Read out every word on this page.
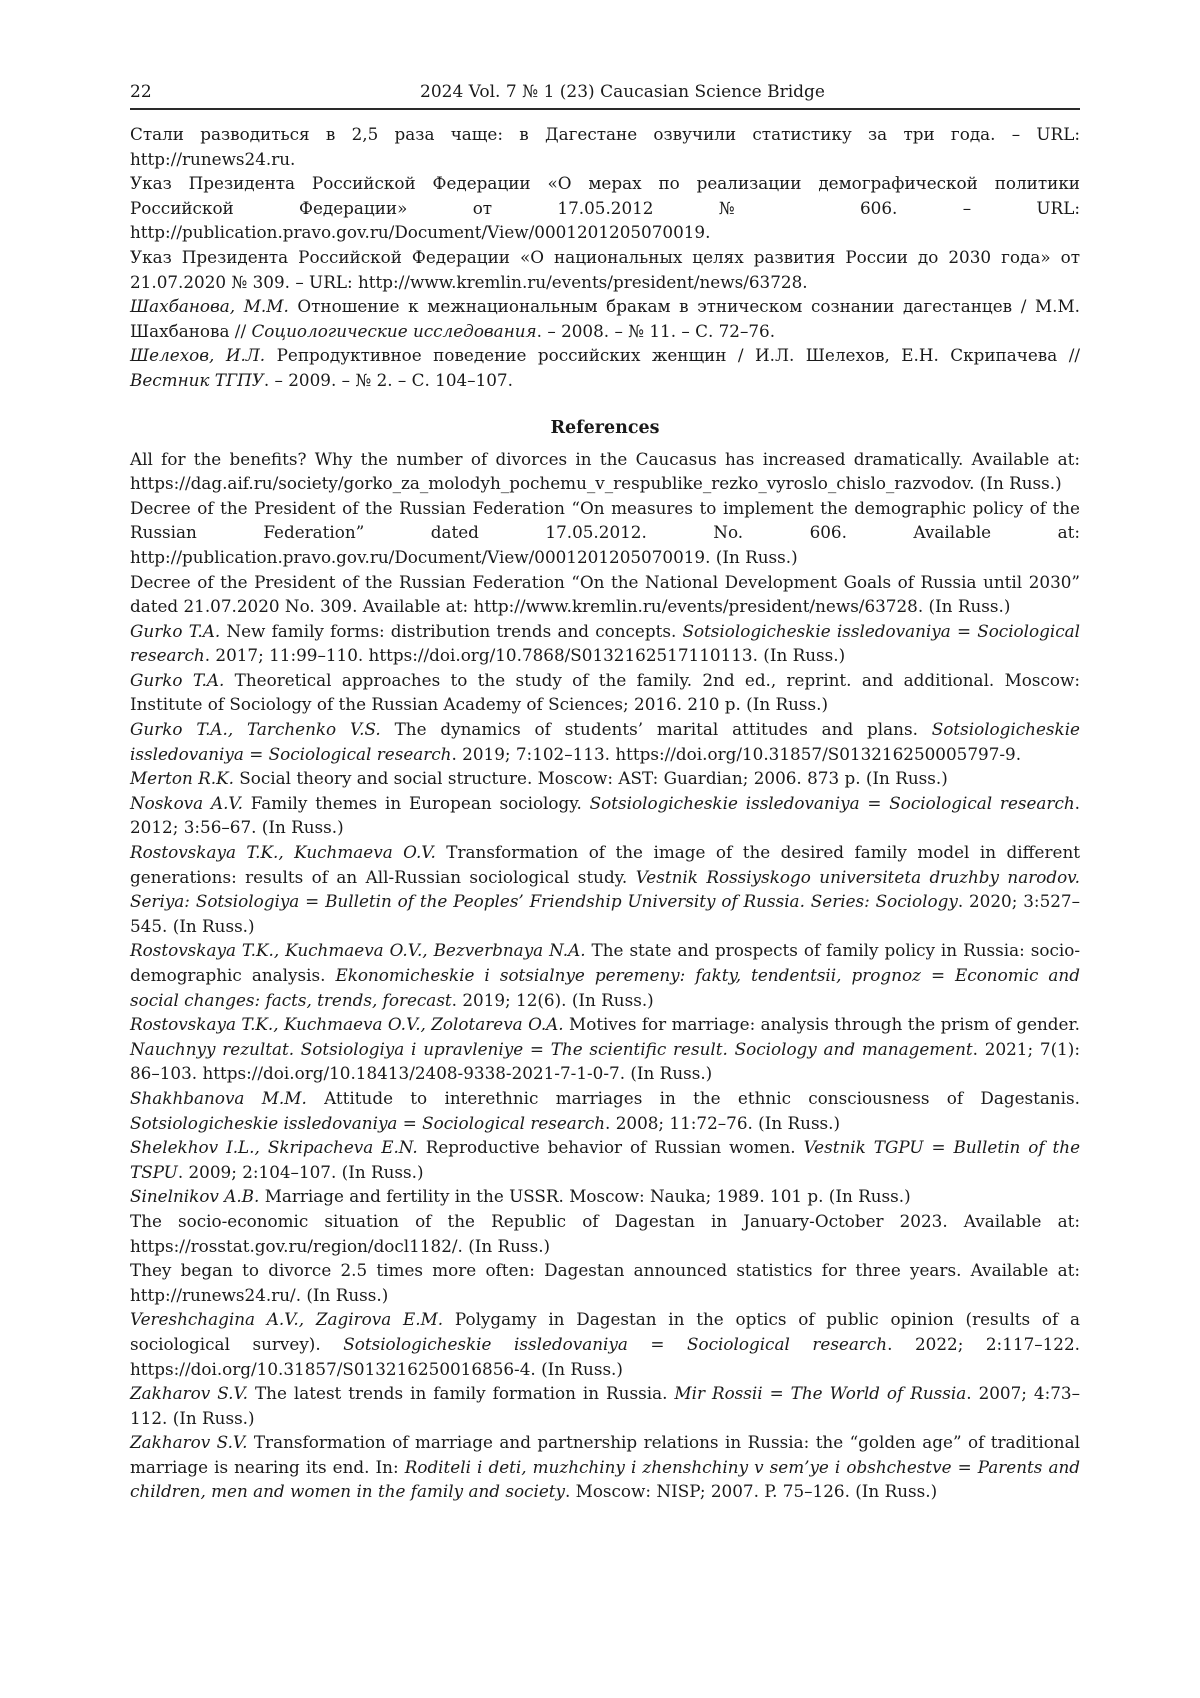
22	2024 Vol. 7 № 1 (23) Caucasian Science Bridge

Стали разводиться в 2,5 раза чаще: в Дагестане озвучили статистику за три года. – URL: http://runews24.ru.

Указ Президента Российской Федерации «О мерах по реализации демографической политики Российской Федерации» от 17.05.2012 № 606. – URL: http://publication.pravo.gov.ru/Document/View/0001201205070019.

Указ Президента Российской Федерации «О национальных целях развития России до 2030 года» от 21.07.2020 № 309. – URL: http://www.kremlin.ru/events/president/news/63728.

Шахбанова, М.М. Отношение к межнациональным бракам в этническом сознании дагестанцев / М.М. Шахбанова // Социологические исследования. – 2008. – № 11. – С. 72–76.

Шелехов, И.Л. Репродуктивное поведение российских женщин / И.Л. Шелехов, Е.Н. Скрипачева // Вестник ТГПУ. – 2009. – № 2. – С. 104–107.

References

All for the benefits? Why the number of divorces in the Caucasus has increased dramatically. Available at: https://dag.aif.ru/society/gorko_za_molodyh_pochemu_v_respublike_rezko_vyroslo_chislo_razvodov. (In Russ.)

Decree of the President of the Russian Federation “On measures to implement the demographic policy of the Russian Federation” dated 17.05.2012. No. 606. Available at: http://publication.pravo.gov.ru/Document/View/0001201205070019. (In Russ.)

Decree of the President of the Russian Federation “On the National Development Goals of Russia until 2030” dated 21.07.2020 No. 309. Available at: http://www.kremlin.ru/events/president/news/63728. (In Russ.)

Gurko T.A. New family forms: distribution trends and concepts. Sotsiologicheskie issledovaniya = Sociological research. 2017; 11:99–110. https://doi.org/10.7868/S0132162517110113. (In Russ.)

Gurko T.A. Theoretical approaches to the study of the family. 2nd ed., reprint. and additional. Moscow: Institute of Sociology of the Russian Academy of Sciences; 2016. 210 p. (In Russ.)

Gurko T.A., Tarchenko V.S. The dynamics of students’ marital attitudes and plans. Sotsiologicheskie issledovaniya = Sociological research. 2019; 7:102–113. https://doi.org/10.31857/S013216250005797-9.

Merton R.K. Social theory and social structure. Moscow: AST: Guardian; 2006. 873 p. (In Russ.)

Noskova A.V. Family themes in European sociology. Sotsiologicheskie issledovaniya = Sociological research. 2012; 3:56–67. (In Russ.)

Rostovskaya T.K., Kuchmaeva O.V. Transformation of the image of the desired family model in different generations: results of an All-Russian sociological study. Vestnik Rossiyskogo universiteta druzhby narodov. Seriya: Sotsiologiya = Bulletin of the Peoples’ Friendship University of Russia. Series: Sociology. 2020; 3:527–545. (In Russ.)

Rostovskaya T.K., Kuchmaeva O.V., Bezverbnaya N.A. The state and prospects of family policy in Russia: socio-demographic analysis. Ekonomicheskie i sotsialnye peremeny: fakty, tendentsii, prognoz = Economic and social changes: facts, trends, forecast. 2019; 12(6). (In Russ.)

Rostovskaya T.K., Kuchmaeva O.V., Zolotareva O.A. Motives for marriage: analysis through the prism of gender. Nauchnyy rezultat. Sotsiologiya i upravleniye = The scientific result. Sociology and management. 2021; 7(1): 86–103. https://doi.org/10.18413/2408-9338-2021-7-1-0-7. (In Russ.)

Shakhbanova M.M. Attitude to interethnic marriages in the ethnic consciousness of Dagestanis. Sotsiologicheskie issledovaniya = Sociological research. 2008; 11:72–76. (In Russ.)

Shelekhov I.L., Skripacheva E.N. Reproductive behavior of Russian women. Vestnik TGPU = Bulletin of the TSPU. 2009; 2:104–107. (In Russ.)

Sinelnikov A.B. Marriage and fertility in the USSR. Moscow: Nauka; 1989. 101 p. (In Russ.)

The socio-economic situation of the Republic of Dagestan in January-October 2023. Available at: https://rosstat.gov.ru/region/docl1182/. (In Russ.)

They began to divorce 2.5 times more often: Dagestan announced statistics for three years. Available at: http://runews24.ru/. (In Russ.)

Vereshchagina A.V., Zagirova E.M. Polygamy in Dagestan in the optics of public opinion (results of a sociological survey). Sotsiologicheskie issledovaniya = Sociological research. 2022; 2:117–122. https://doi.org/10.31857/S013216250016856-4. (In Russ.)

Zakharov S.V. The latest trends in family formation in Russia. Mir Rossii = The World of Russia. 2007; 4:73–112. (In Russ.)

Zakharov S.V. Transformation of marriage and partnership relations in Russia: the “golden age” of traditional marriage is nearing its end. In: Roditeli i deti, muzhchiny i zhenshchiny v sem’ye i obshchestve = Parents and children, men and women in the family and society. Moscow: NISP; 2007. P. 75–126. (In Russ.)
